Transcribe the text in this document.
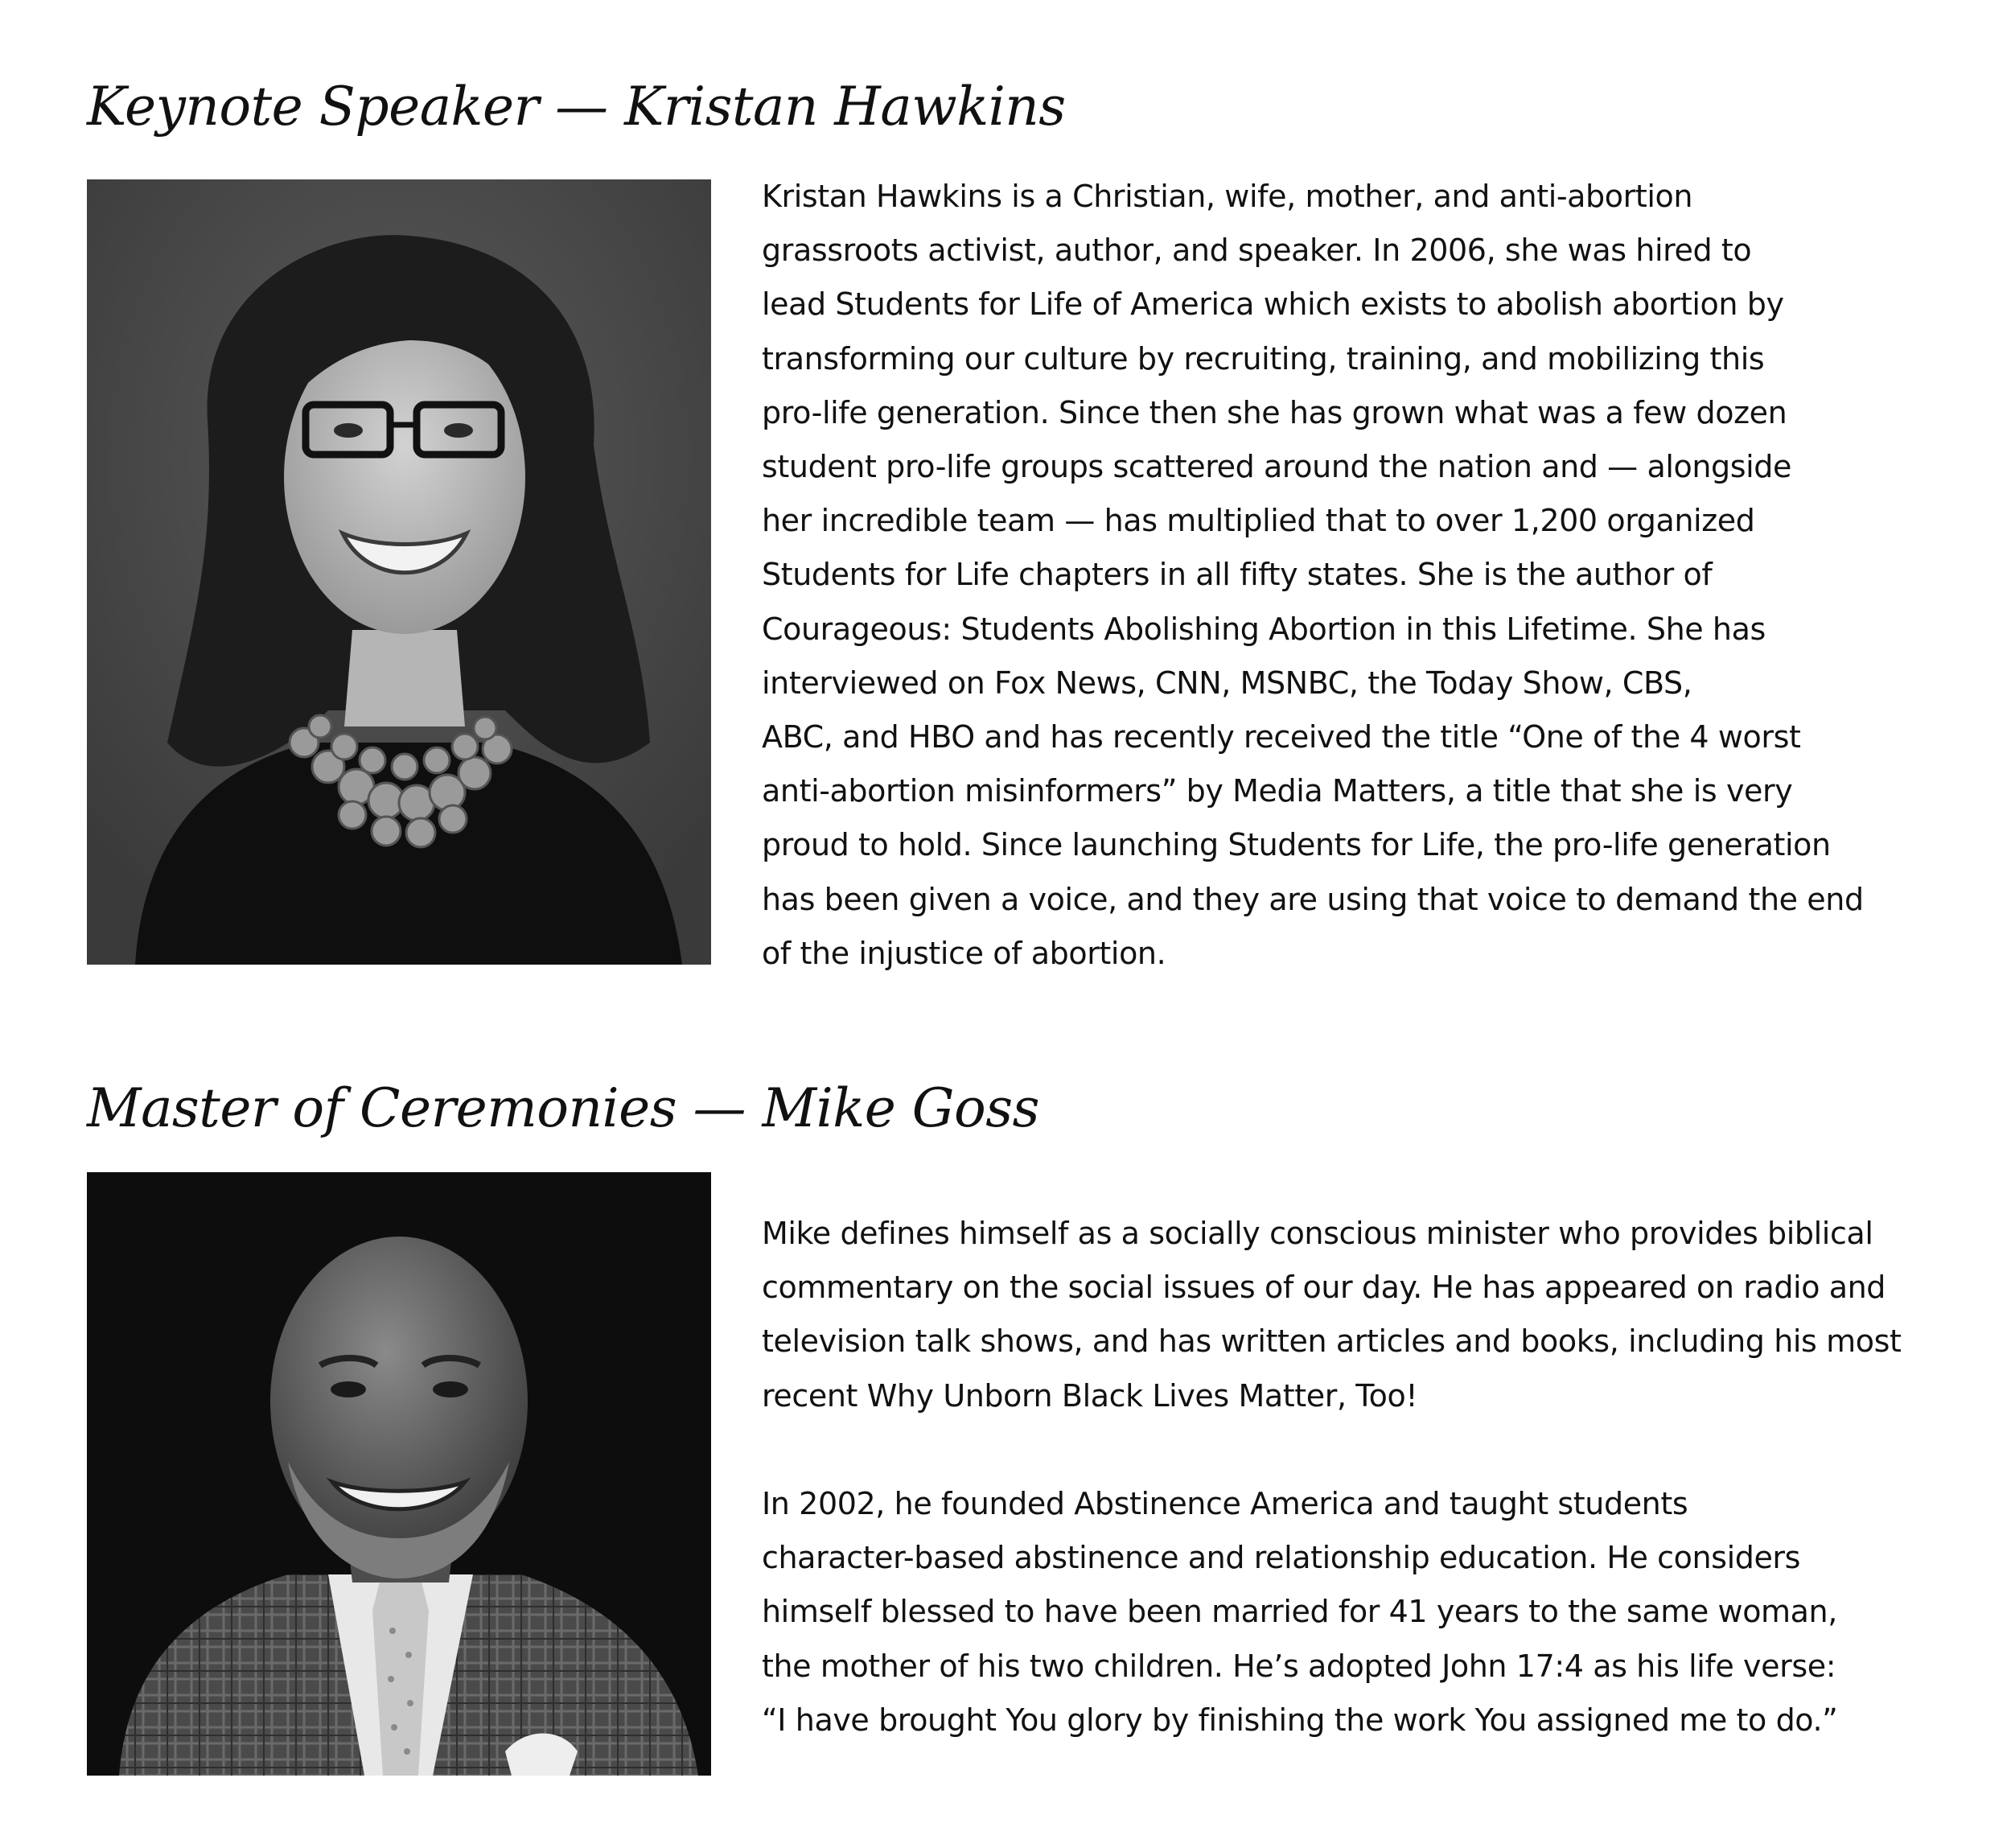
Keynote Speaker — Kristan Hawkins

Kristan Hawkins is a Christian, wife, mother, and anti-abortion
grassroots activist, author, and speaker. In 2006, she was hired to
lead Students for Life of America which exists to abolish abortion by
transforming our culture by recruiting, training, and mobilizing this
pro-life generation. Since then she has grown what was a few dozen
student pro-life groups scattered around the nation and — alongside
her incredible team — has multiplied that to over 1,200 organized
Students for Life chapters in all fifty states. She is the author of
Courageous: Students Abolishing Abortion in this Lifetime. She has
interviewed on Fox News, CNN, MSNBC, the Today Show, CBS,
ABC, and HBO and has recently received the title “One of the 4 worst
anti-abortion misinformers” by Media Matters, a title that she is very
proud to hold. Since launching Students for Life, the pro-life generation
has been given a voice, and they are using that voice to demand the end
of the injustice of abortion.

Master of Ceremonies — Mike Goss

Mike defines himself as a socially conscious minister who provides biblical
commentary on the social issues of our day. He has appeared on radio and
television talk shows, and has written articles and books, including his most
recent Why Unborn Black Lives Matter, Too!

In 2002, he founded Abstinence America and taught students
character-based abstinence and relationship education. He considers
himself blessed to have been married for 41 years to the same woman,
the mother of his two children. He’s adopted John 17:4 as his life verse:
“I have brought You glory by finishing the work You assigned me to do.”
